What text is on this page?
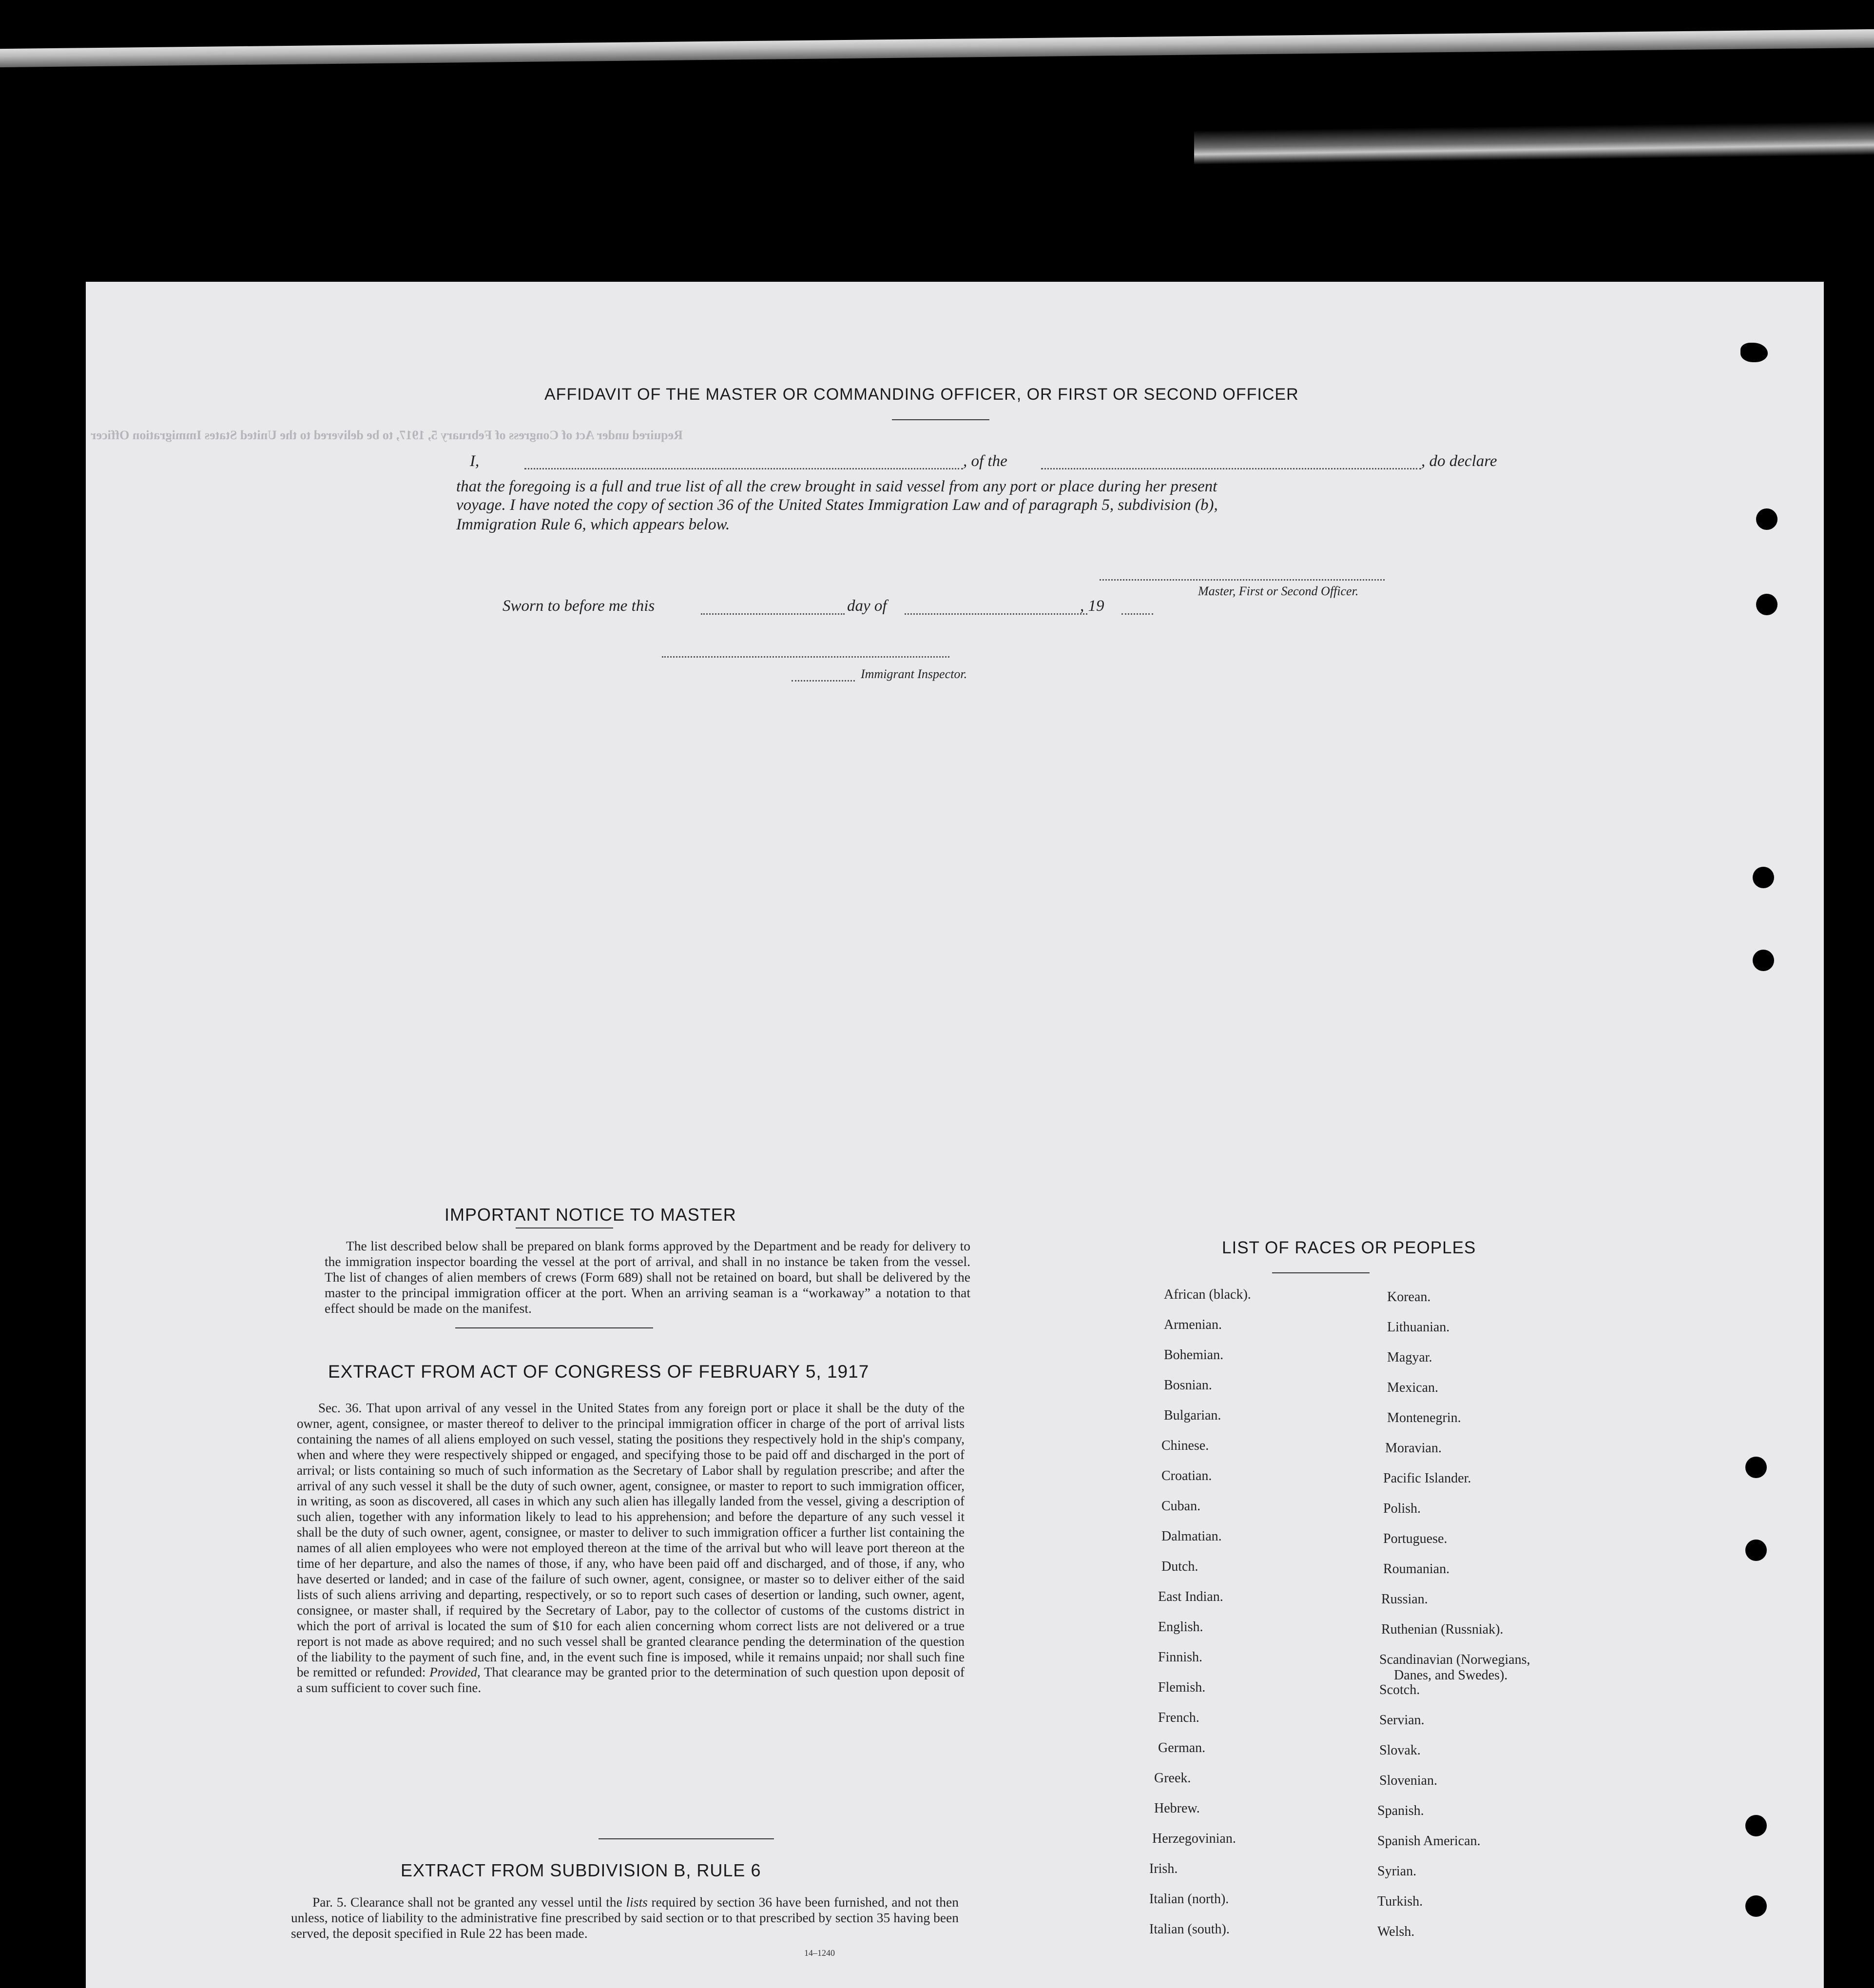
Required under Act of Congress of February 5, 1917, to be delivered to the United States Immigration Officer
AFFIDAVIT OF THE MASTER OR COMMANDING OFFICER, OR FIRST OR SECOND OFFICER
I,	, of the	, do declare
that the foregoing is a full and true list of all the crew brought in said vessel from any port or place during her present
voyage. I have noted the copy of section 36 of the United States Immigration Law and of paragraph 5, subdivision (b),
Immigration Rule 6, which appears below.
Master, First or Second Officer.
Sworn to before me this	day of	, 19
Immigrant Inspector.
IMPORTANT NOTICE TO MASTER
The list described below shall be prepared on blank forms approved by the Department and be ready for delivery to the immigration inspector boarding the vessel at the port of arrival, and shall in no instance be taken from the vessel. The list of changes of alien members of crews (Form 689) shall not be retained on board, but shall be delivered by the master to the principal immigration officer at the port. When an arriving seaman is a “workaway” a notation to that effect should be made on the manifest.
EXTRACT FROM ACT OF CONGRESS OF FEBRUARY 5, 1917
Sec. 36. That upon arrival of any vessel in the United States from any foreign port or place it shall be the duty of the owner, agent, consignee, or master thereof to deliver to the principal immigration officer in charge of the port of arrival lists containing the names of all aliens employed on such vessel, stating the positions they respectively hold in the ship's company, when and where they were respectively shipped or engaged, and specifying those to be paid off and discharged in the port of arrival; or lists containing so much of such information as the Secretary of Labor shall by regulation prescribe; and after the arrival of any such vessel it shall be the duty of such owner, agent, consignee, or master to report to such immigration officer, in writing, as soon as discovered, all cases in which any such alien has illegally landed from the vessel, giving a description of such alien, together with any information likely to lead to his apprehension; and before the departure of any such vessel it shall be the duty of such owner, agent, consignee, or master to deliver to such immigration officer a further list containing the names of all alien employees who were not employed thereon at the time of the arrival but who will leave port thereon at the time of her departure, and also the names of those, if any, who have been paid off and discharged, and of those, if any, who have deserted or landed; and in case of the failure of such owner, agent, consignee, or master so to deliver either of the said lists of such aliens arriving and departing, respectively, or so to report such cases of desertion or landing, such owner, agent, consignee, or master shall, if required by the Secretary of Labor, pay to the collector of customs of the customs district in which the port of arrival is located the sum of $10 for each alien concerning whom correct lists are not delivered or a true report is not made as above required; and no such vessel shall be granted clearance pending the determination of the question of the liability to the payment of such fine, and, in the event such fine is imposed, while it remains unpaid; nor shall such fine be remitted or refunded: Provided, That clearance may be granted prior to the determination of such question upon deposit of a sum sufficient to cover such fine.
EXTRACT FROM SUBDIVISION B, RULE 6
Par. 5. Clearance shall not be granted any vessel until the lists required by section 36 have been furnished, and not then unless, notice of liability to the administrative fine prescribed by said section or to that prescribed by section 35 having been served, the deposit specified in Rule 22 has been made.
14–1240
LIST OF RACES OR PEOPLES
African (black).
Armenian.
Bohemian.
Bosnian.
Bulgarian.
Chinese.
Croatian.
Cuban.
Dalmatian.
Dutch.
East Indian.
English.
Finnish.
Flemish.
French.
German.
Greek.
Hebrew.
Herzegovinian.
Irish.
Italian (north).
Italian (south).
Korean.
Lithuanian.
Magyar.
Mexican.
Montenegrin.
Moravian.
Pacific Islander.
Polish.
Portuguese.
Roumanian.
Russian.
Ruthenian (Russniak).
Scandinavian (Norwegians,
Danes, and Swedes).
Scotch.
Servian.
Slovak.
Slovenian.
Spanish.
Spanish American.
Syrian.
Turkish.
Welsh.
